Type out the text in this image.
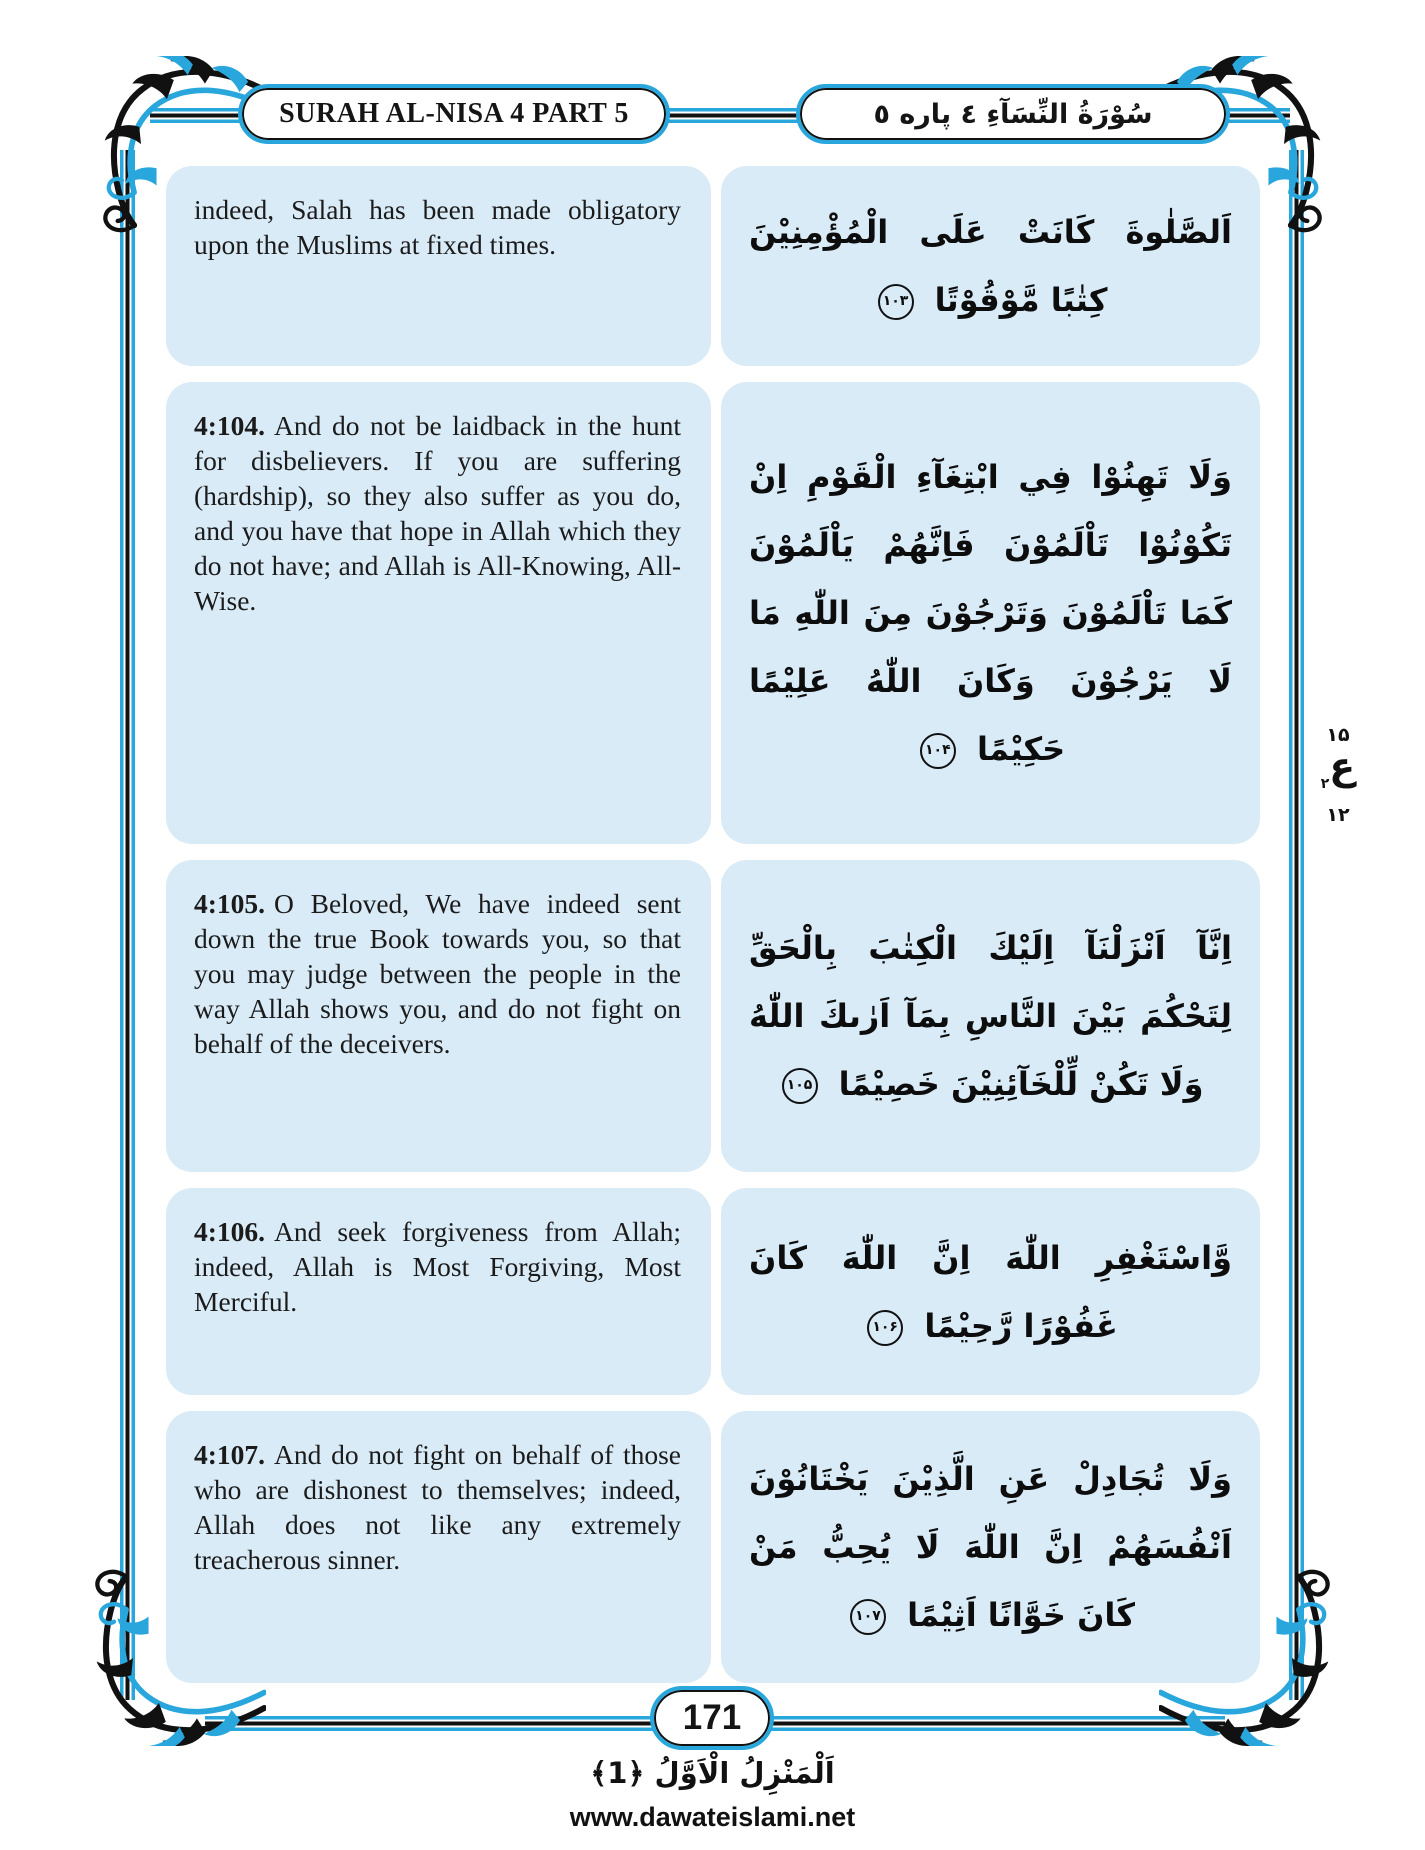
SURAH AL-NISA 4 PART 5	سُوْرَةُ النِّسَآءِ ٤ پاره ٥
indeed, Salah has been made obligatory upon the Muslims at fixed times.	اَلصَّلٰوةَ كَانَتْ عَلَى الْمُؤْمِنِيْنَ كِتٰبًا مَّوْقُوْتًا ۱۰۳
4:104. And do not be laidback in the hunt for disbelievers. If you are suffering (hardship), so they also suffer as you do, and you have that hope in Allah which they do not have; and Allah is All-Knowing, All-Wise.
وَلَا تَهِنُوْا فِي ابْتِغَآءِ الْقَوْمِ اِنْ تَكُوْنُوْا تَاْلَمُوْنَ فَاِنَّهُمْ يَاْلَمُوْنَ كَمَا تَاْلَمُوْنَ وَتَرْجُوْنَ مِنَ اللّٰهِ مَا لَا يَرْجُوْنَ وَكَانَ اللّٰهُ عَلِيْمًا حَكِيْمًا ۱۰۴
4:105. O Beloved, We have indeed sent down the true Book towards you, so that you may judge between the people in the way Allah shows you, and do not fight on behalf of the deceivers.
اِنَّآ اَنْزَلْنَآ اِلَيْكَ الْكِتٰبَ بِالْحَقِّ لِتَحْكُمَ بَيْنَ النَّاسِ بِمَآ اَرٰىكَ اللّٰهُ وَلَا تَكُنْ لِّلْخَآئِنِيْنَ خَصِيْمًا ۱۰۵
4:106. And seek forgiveness from Allah; indeed, Allah is Most Forgiving, Most Merciful.
وَّاسْتَغْفِرِ اللّٰهَ اِنَّ اللّٰهَ كَانَ غَفُوْرًا رَّحِيْمًا ۱۰۶
4:107. And do not fight on behalf of those who are dishonest to themselves; indeed, Allah does not like any extremely treacherous sinner.
وَلَا تُجَادِلْ عَنِ الَّذِيْنَ يَخْتَانُوْنَ اَنْفُسَهُمْ اِنَّ اللّٰهَ لَا يُحِبُّ مَنْ كَانَ خَوَّانًا اَثِيْمًا ۱۰۷
۱۵
ع$_۲$
۱۲
171
اَلْمَنْزِلُ الْاَوَّلُ ﴿1﴾
www.dawateislami.net
